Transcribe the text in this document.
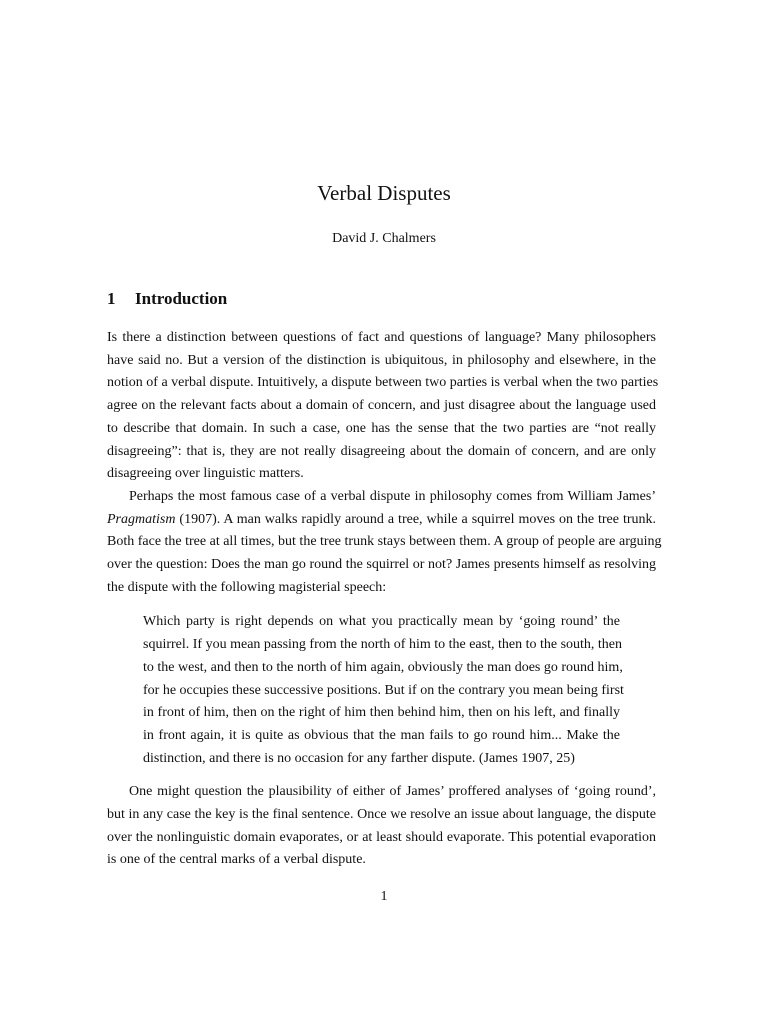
Verbal Disputes
David J. Chalmers
1 Introduction
Is there a distinction between questions of fact and questions of language? Many philosophers
have said no. But a version of the distinction is ubiquitous, in philosophy and elsewhere, in the
notion of a verbal dispute. Intuitively, a dispute between two parties is verbal when the two parties
agree on the relevant facts about a domain of concern, and just disagree about the language used
to describe that domain. In such a case, one has the sense that the two parties are “not really
disagreeing”: that is, they are not really disagreeing about the domain of concern, and are only
disagreeing over linguistic matters.
Perhaps the most famous case of a verbal dispute in philosophy comes from William James’
Pragmatism (1907). A man walks rapidly around a tree, while a squirrel moves on the tree trunk.
Both face the tree at all times, but the tree trunk stays between them. A group of people are arguing
over the question: Does the man go round the squirrel or not? James presents himself as resolving
the dispute with the following magisterial speech:
Which party is right depends on what you practically mean by ‘going round’ the
squirrel. If you mean passing from the north of him to the east, then to the south, then
to the west, and then to the north of him again, obviously the man does go round him,
for he occupies these successive positions. But if on the contrary you mean being first
in front of him, then on the right of him then behind him, then on his left, and finally
in front again, it is quite as obvious that the man fails to go round him... Make the
distinction, and there is no occasion for any farther dispute. (James 1907, 25)
One might question the plausibility of either of James’ proffered analyses of ‘going round’,
but in any case the key is the final sentence. Once we resolve an issue about language, the dispute
over the nonlinguistic domain evaporates, or at least should evaporate. This potential evaporation
is one of the central marks of a verbal dispute.
1
